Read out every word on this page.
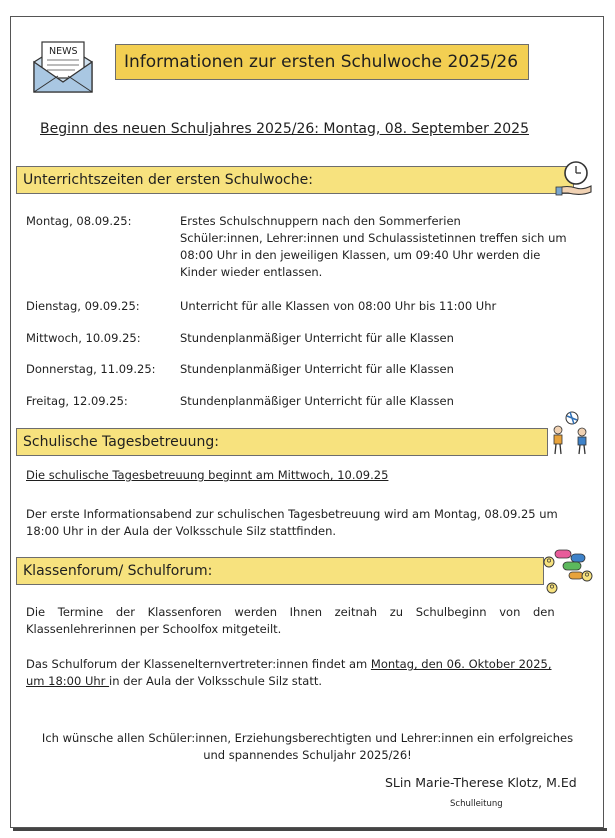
NEWS
Informationen zur ersten Schulwoche 2025/26
Beginn des neuen Schuljahres 2025/26: Montag, 08. September 2025
Unterrichtszeiten der ersten Schulwoche:
Montag, 08.09.25:	Erstes Schulschnuppern nach den Sommerferien
Schüler:innen, Lehrer:innen und Schulassistetinnen treffen sich um
08:00 Uhr in den jeweiligen Klassen, um 09:40 Uhr werden die
Kinder wieder entlassen.
Dienstag, 09.09.25:	Unterricht für alle Klassen von 08:00 Uhr bis 11:00 Uhr
Mittwoch, 10.09.25:	Stundenplanmäßiger Unterricht für alle Klassen
Donnerstag, 11.09.25: Stundenplanmäßiger Unterricht für alle Klassen
Freitag, 12.09.25:	Stundenplanmäßiger Unterricht für alle Klassen
Schulische Tagesbetreuung:
Die schulische Tagesbetreuung beginnt am Mittwoch, 10.09.25
Der erste Informationsabend zur schulischen Tagesbetreuung wird am Montag, 08.09.25 um
18:00 Uhr in der Aula der Volksschule Silz stattfinden.
Klassenforum/ Schulforum:
Die Termine der Klassenforen werden Ihnen zeitnah zu Schulbeginn von den
Klassenlehrerinnen per Schoolfox mitgeteilt.
Das Schulforum der Klassenelternvertreter:innen findet am Montag, den 06. Oktober 2025,
um 18:00 Uhr in der Aula der Volksschule Silz statt.
Ich wünsche allen Schüler:innen, Erziehungsberechtigten und Lehrer:innen ein erfolgreiches
und spannendes Schuljahr 2025/26!
SLin Marie-Therese Klotz, M.Ed
Schulleitung
